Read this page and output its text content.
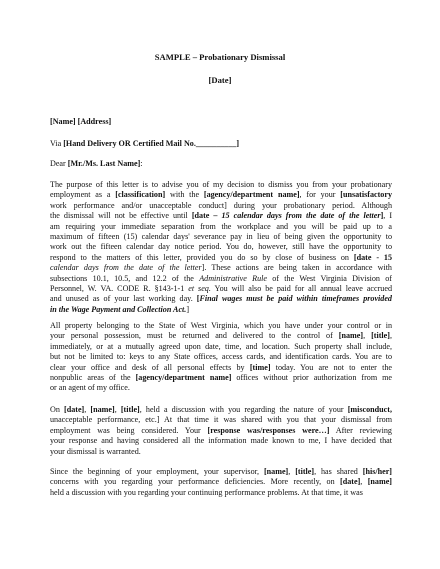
SAMPLE – Probationary Dismissal
[Date]
[Name] [Address]
Via [Hand Delivery OR Certified Mail No.__________]
Dear [Mr./Ms. Last Name]:
The purpose of this letter is to advise you of my decision to dismiss you from your probationary
employment as a [classification] with the [agency/department name], for your [unsatisfactory
work performance and/or unacceptable conduct] during your probationary period. Although
the dismissal will not be effective until [date – 15 calendar days from the date of the letter], I
am requiring your immediate separation from the workplace and you will be paid up to a
maximum of fifteen (15) calendar days' severance pay in lieu of being given the opportunity to
work out the fifteen calendar day notice period. You do, however, still have the opportunity to
respond to the matters of this letter, provided you do so by close of business on [date - 15
calendar days from the date of the letter]. These actions are being taken in accordance with
subsections 10.1, 10.5, and 12.2 of the Administrative Rule of the West Virginia Division of
Personnel, W. VA. CODE R. §143-1-1 et seq. You will also be paid for all annual leave accrued
and unused as of your last working day. [Final wages must be paid within timeframes provided
in the Wage Payment and Collection Act.]
All property belonging to the State of West Virginia, which you have under your control or in
your personal possession, must be returned and delivered to the control of [name], [title],
immediately, or at a mutually agreed upon date, time, and location. Such property shall include,
but not be limited to: keys to any State offices, access cards, and identification cards. You are to
clear your office and desk of all personal effects by [time] today. You are not to enter the
nonpublic areas of the [agency/department name] offices without prior authorization from me
or an agent of my office.
On [date], [name], [title], held a discussion with you regarding the nature of your [misconduct,
unacceptable performance, etc.] At that time it was shared with you that your dismissal from
employment was being considered. Your [response was/responses were…] After reviewing
your response and having considered all the information made known to me, I have decided that
your dismissal is warranted.
Since the beginning of your employment, your supervisor, [name], [title], has shared [his/her]
concerns with you regarding your performance deficiencies. More recently, on [date], [name]
held a discussion with you regarding your continuing performance problems. At that time, it was
